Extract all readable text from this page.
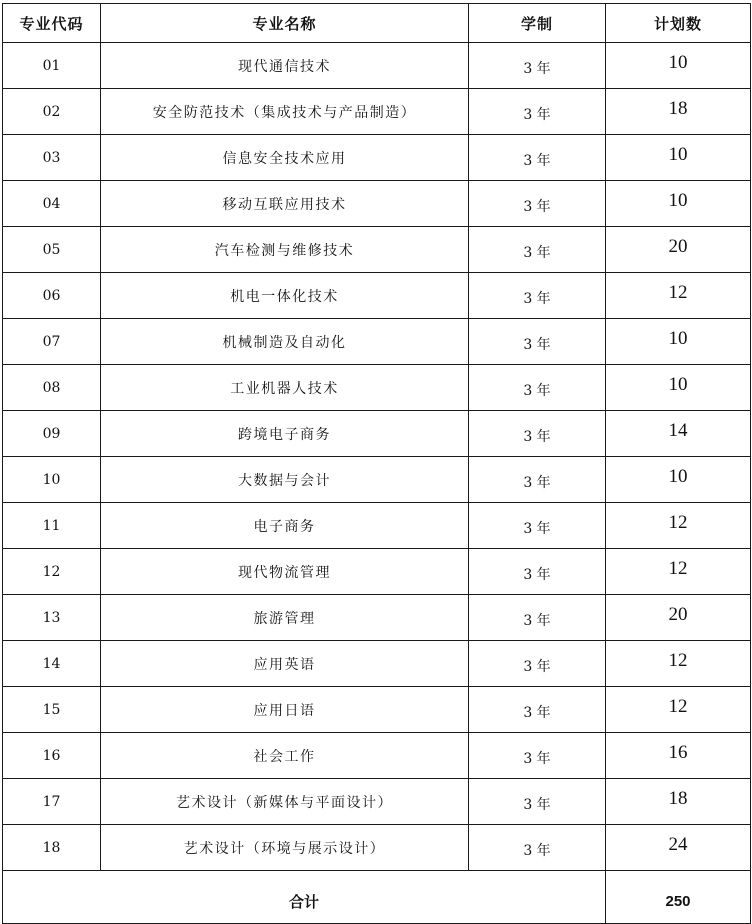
专业代码	专业名称	学制	计划数
01	现代通信技术	3 年	10
02	安全防范技术（集成技术与产品制造）	3 年	18
03	信息安全技术应用	3 年	10
04	移动互联应用技术	3 年	10
05	汽车检测与维修技术	3 年	20
06	机电一体化技术	3 年	12
07	机械制造及自动化	3 年	10
08	工业机器人技术	3 年	10
09	跨境电子商务	3 年	14
10	大数据与会计	3 年	10
11	电子商务	3 年	12
12	现代物流管理	3 年	12
13	旅游管理	3 年	20
14	应用英语	3 年	12
15	应用日语	3 年	12
16	社会工作	3 年	16
17	艺术设计（新媒体与平面设计）	3 年	18
18	艺术设计（环境与展示设计）	3 年	24
合计			250
